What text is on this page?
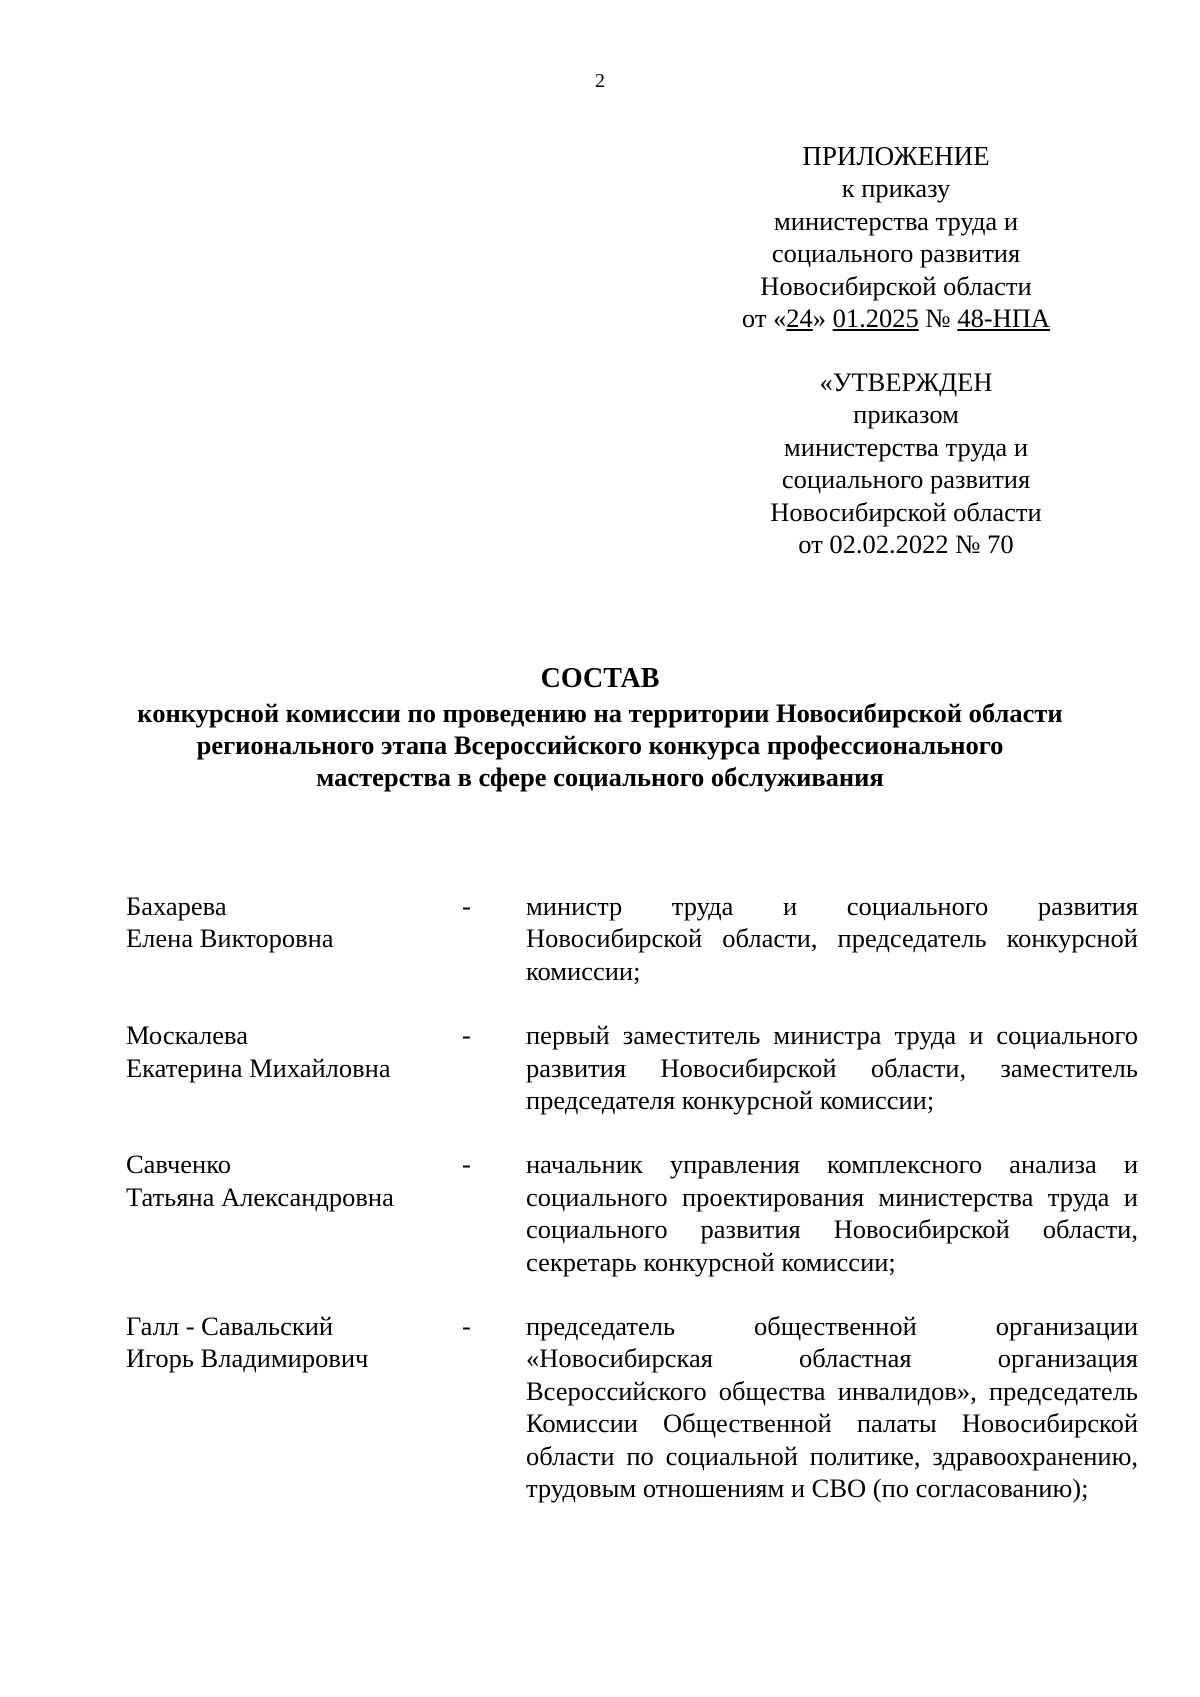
2
ПРИЛОЖЕНИЕ
к приказу
министерства труда и
социального развития
Новосибирской области
от «24» 01.2025 № 48-НПА
«УТВЕРЖДЕН
приказом
министерства труда и
социального развития
Новосибирской области
от 02.02.2022 № 70
СОСТАВ
конкурсной комиссии по проведению на территории Новосибирской области
регионального этапа Всероссийского конкурса профессионального
мастерства в сфере социального обслуживания
Бахарева
Елена Викторовна
-	министр труда и социального развития Новосибирской области, председатель конкурсной комиссии;
Москалева
Екатерина Михайловна
-	первый заместитель министра труда и социального развития Новосибирской области, заместитель председателя конкурсной комиссии;
Савченко
Татьяна Александровна
-	начальник управления комплексного анализа и социального проектирования министерства труда и социального развития Новосибирской области, секретарь конкурсной комиссии;
Галл - Савальский
Игорь Владимирович
-	председатель общественной организации «Новосибирская областная организация Всероссийского общества инвалидов», председатель Комиссии Общественной палаты Новосибирской области по социальной политике, здравоохранению, трудовым отношениям и СВО (по согласованию);
